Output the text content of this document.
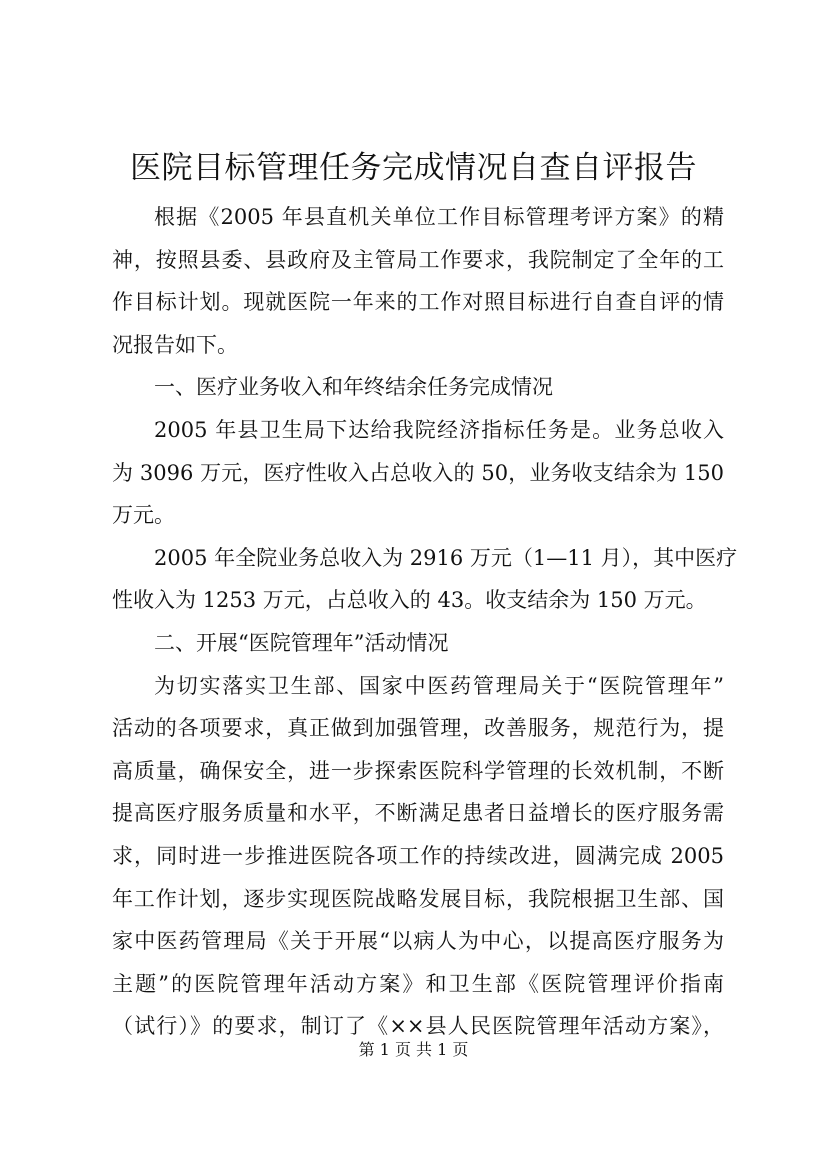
医院目标管理任务完成情况自查自评报告
根据《2005 年县直机关单位工作目标管理考评方案》的精
神，按照县委、县政府及主管局工作要求，我院制定了全年的工
作目标计划。现就医院一年来的工作对照目标进行自查自评的情
况报告如下。
一、医疗业务收入和年终结余任务完成情况
2005 年县卫生局下达给我院经济指标任务是。业务总收入
为 3096 万元，医疗性收入占总收入的 50，业务收支结余为 150
万元。
2005 年全院业务总收入为 2916 万元（1—11 月），其中医疗
性收入为 1253 万元，占总收入的 43。收支结余为 150 万元。
二、开展“医院管理年”活动情况
为切实落实卫生部、国家中医药管理局关于“医院管理年”
活动的各项要求，真正做到加强管理，改善服务，规范行为，提
高质量，确保安全，进一步探索医院科学管理的长效机制，不断
提高医疗服务质量和水平，不断满足患者日益增长的医疗服务需
求，同时进一步推进医院各项工作的持续改进，圆满完成 2005
年工作计划，逐步实现医院战略发展目标，我院根据卫生部、国
家中医药管理局《关于开展“以病人为中心，以提高医疗服务为
主题”的医院管理年活动方案》和卫生部《医院管理评价指南
（试行）》的要求，制订了《××县人民医院管理年活动方案》，
第 1 页 共 1 页
